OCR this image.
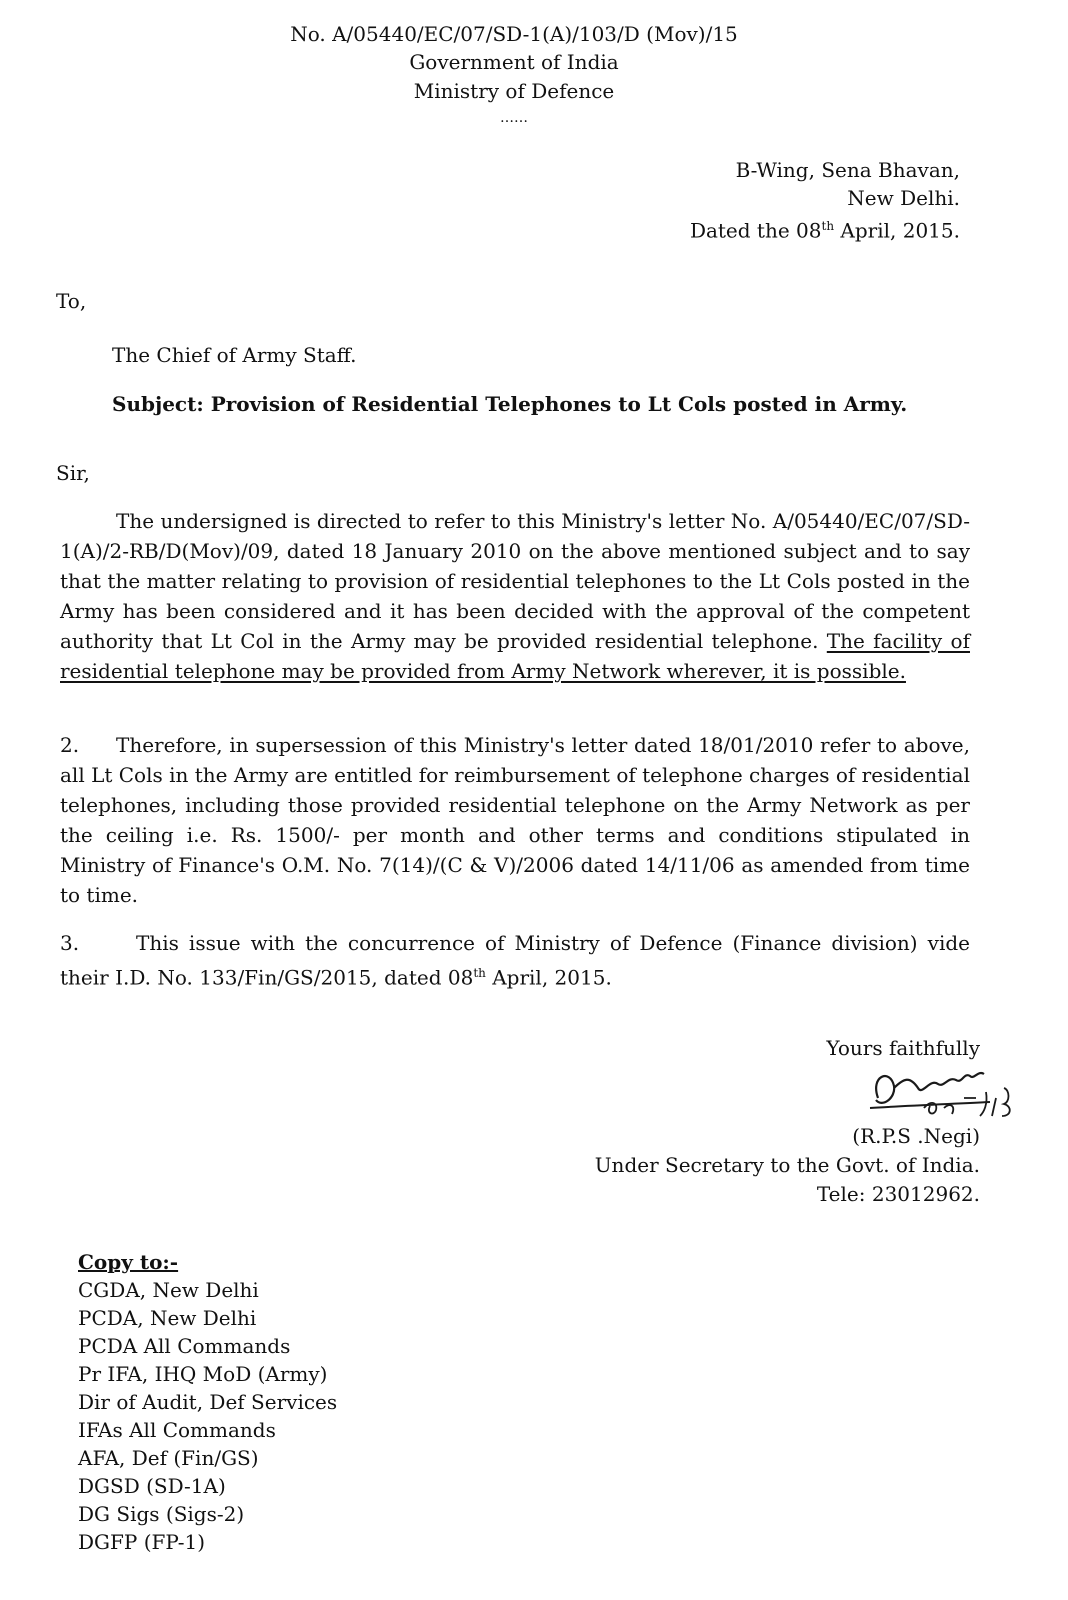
No. A/05440/EC/07/SD-1(A)/103/D (Mov)/15
Government of India
Ministry of Defence
……
B-Wing, Sena Bhavan,
New Delhi.
Dated the 08th April, 2015.
To,
The Chief of Army Staff.
Subject: Provision of Residential Telephones to Lt Cols posted in Army.
Sir,
The undersigned is directed to refer to this Ministry's letter No. A/05440/EC/07/SD-1(A)/2-RB/D(Mov)/09, dated 18 January 2010 on the above mentioned subject and to say that the matter relating to provision of residential telephones to the Lt Cols posted in the Army has been considered and it has been decided with the approval of the competent authority that Lt Col in the Army may be provided residential telephone. The facility of residential telephone may be provided from Army Network wherever, it is possible.
2. Therefore, in supersession of this Ministry's letter dated 18/01/2010 refer to above, all Lt Cols in the Army are entitled for reimbursement of telephone charges of residential telephones, including those provided residential telephone on the Army Network as per the ceiling i.e. Rs. 1500/- per month and other terms and conditions stipulated in Ministry of Finance's O.M. No. 7(14)/(C & V)/2006 dated 14/11/06 as amended from time to time.
3.	This issue with the concurrence of Ministry of Defence (Finance division) vide their I.D. No. 133/Fin/GS/2015, dated 08th April, 2015.
Yours faithfully
(R.P.S .Negi)
Under Secretary to the Govt. of India.
Tele: 23012962.
Copy to:-
CGDA, New Delhi
PCDA, New Delhi
PCDA All Commands
Pr IFA, IHQ MoD (Army)
Dir of Audit, Def Services
IFAs All Commands
AFA, Def (Fin/GS)
DGSD (SD-1A)
DG Sigs (Sigs-2)
DGFP (FP-1)
